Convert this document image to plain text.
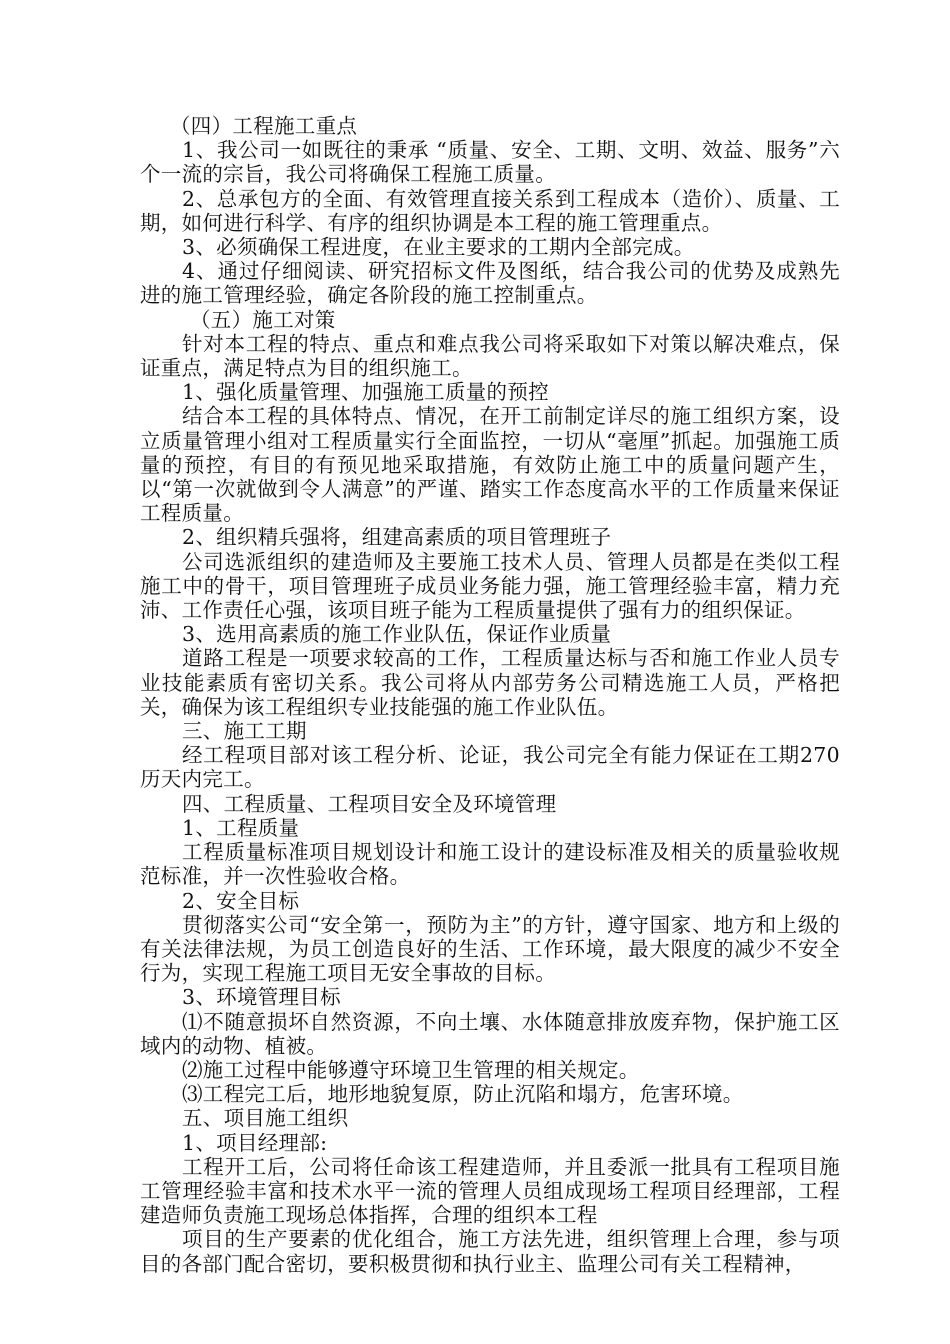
（四）工程施工重点

1、我公司一如既往的秉承 “质量、安全、工期、文明、效益、服务”六个一流的宗旨，我公司将确保工程施工质量。

2、总承包方的全面、有效管理直接关系到工程成本（造价）、质量、工期，如何进行科学、有序的组织协调是本工程的施工管理重点。

3、必须确保工程进度，在业主要求的工期内全部完成。

4、通过仔细阅读、研究招标文件及图纸，结合我公司的优势及成熟先进的施工管理经验，确定各阶段的施工控制重点。

（五）施工对策

针对本工程的特点、重点和难点我公司将采取如下对策以解决难点，保证重点，满足特点为目的组织施工。

1、强化质量管理、加强施工质量的预控

结合本工程的具体特点、情况，在开工前制定详尽的施工组织方案，设立质量管理小组对工程质量实行全面监控，一切从“毫厘”抓起。加强施工质量的预控，有目的有预见地采取措施，有效防止施工中的质量问题产生，以“第一次就做到令人满意”的严谨、踏实工作态度高水平的工作质量来保证工程质量。

2、组织精兵强将，组建高素质的项目管理班子

公司选派组织的建造师及主要施工技术人员、管理人员都是在类似工程施工中的骨干，项目管理班子成员业务能力强，施工管理经验丰富，精力充沛、工作责任心强，该项目班子能为工程质量提供了强有力的组织保证。

3、选用高素质的施工作业队伍，保证作业质量

道路工程是一项要求较高的工作，工程质量达标与否和施工作业人员专业技能素质有密切关系。我公司将从内部劳务公司精选施工人员，严格把关，确保为该工程组织专业技能强的施工作业队伍。

三、施工工期

经工程项目部对该工程分析、论证，我公司完全有能力保证在工期270历天内完工。

四、工程质量、工程项目安全及环境管理

1、工程质量

工程质量标准项目规划设计和施工设计的建设标准及相关的质量验收规范标准，并一次性验收合格。

2、安全目标

贯彻落实公司“安全第一，预防为主”的方针，遵守国家、地方和上级的有关法律法规，为员工创造良好的生活、工作环境，最大限度的减少不安全行为，实现工程施工项目无安全事故的目标。

3、环境管理目标

⑴不随意损坏自然资源，不向土壤、水体随意排放废弃物，保护施工区域内的动物、植被。

⑵施工过程中能够遵守环境卫生管理的相关规定。

⑶工程完工后，地形地貌复原，防止沉陷和塌方，危害环境。

五、项目施工组织

1、项目经理部:

工程开工后，公司将任命该工程建造师，并且委派一批具有工程项目施工管理经验丰富和技术水平一流的管理人员组成现场工程项目经理部，工程建造师负责施工现场总体指挥，合理的组织本工程

项目的生产要素的优化组合，施工方法先进，组织管理上合理，参与项目的各部门配合密切，要积极贯彻和执行业主、监理公司有关工程精神，
